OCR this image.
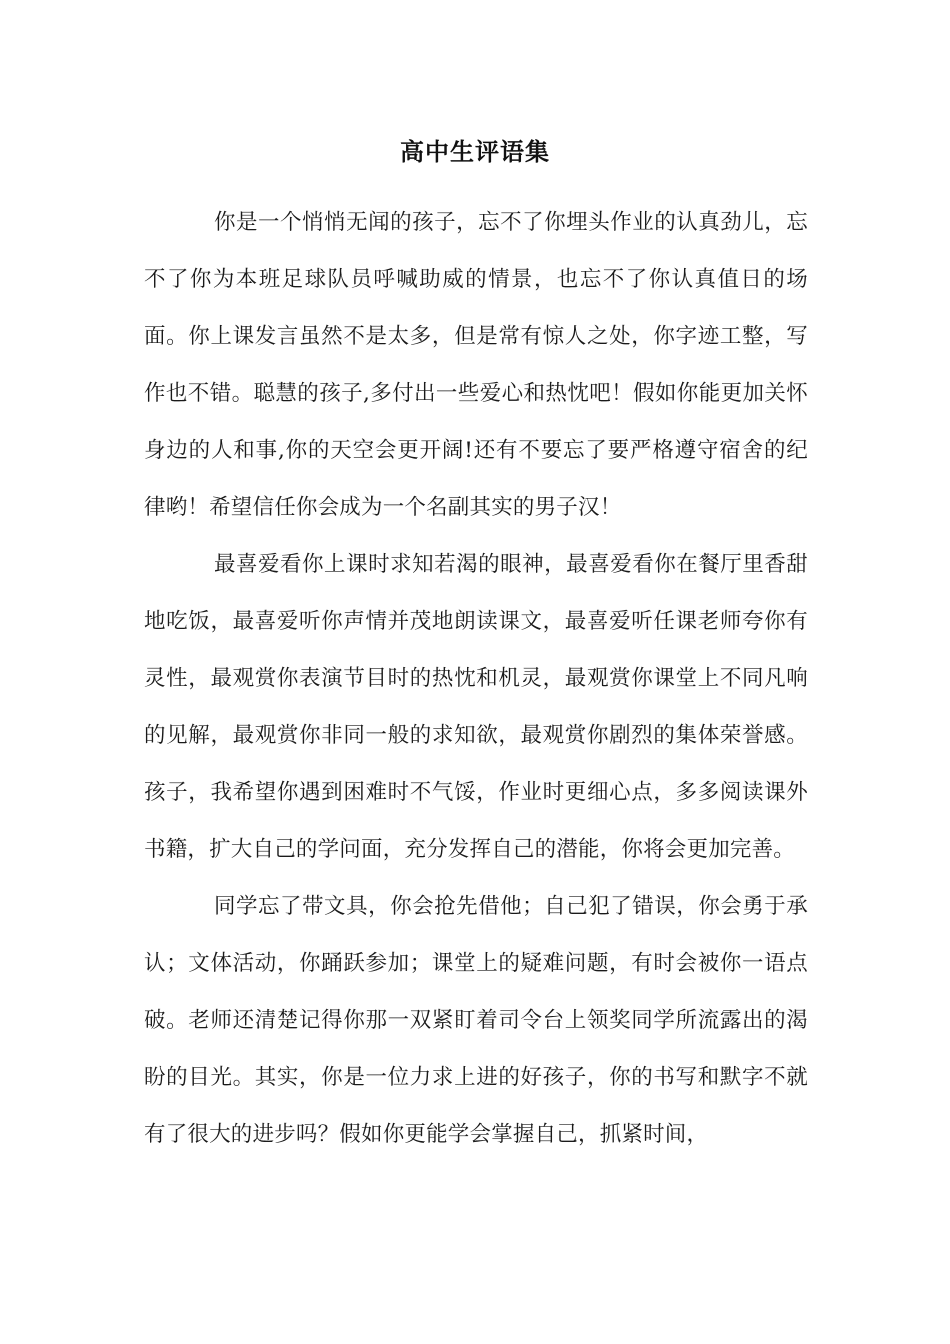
高中生评语集

你是一个悄悄无闻的孩子，忘不了你埋头作业的认真劲儿，忘不了你为本班足球队员呼喊助威的情景，也忘不了你认真值日的场面。你上课发言虽然不是太多，但是常有惊人之处，你字迹工整，写作也不错。聪慧的孩子,多付出一些爱心和热忱吧！假如你能更加关怀身边的人和事,你的天空会更开阔!还有不要忘了要严格遵守宿舍的纪律哟！希望信任你会成为一个名副其实的男子汉！

最喜爱看你上课时求知若渴的眼神，最喜爱看你在餐厅里香甜地吃饭，最喜爱听你声情并茂地朗读课文，最喜爱听任课老师夸你有灵性，最观赏你表演节目时的热忱和机灵，最观赏你课堂上不同凡响的见解，最观赏你非同一般的求知欲，最观赏你剧烈的集体荣誉感。孩子，我希望你遇到困难时不气馁，作业时更细心点，多多阅读课外书籍，扩大自己的学问面，充分发挥自己的潜能，你将会更加完善。

同学忘了带文具，你会抢先借他；自己犯了错误，你会勇于承认；文体活动，你踊跃参加；课堂上的疑难问题，有时会被你一语点破。老师还清楚记得你那一双紧盯着司令台上领奖同学所流露出的渴盼的目光。其实，你是一位力求上进的好孩子，你的书写和默字不就有了很大的进步吗？假如你更能学会掌握自己，抓紧时间，
